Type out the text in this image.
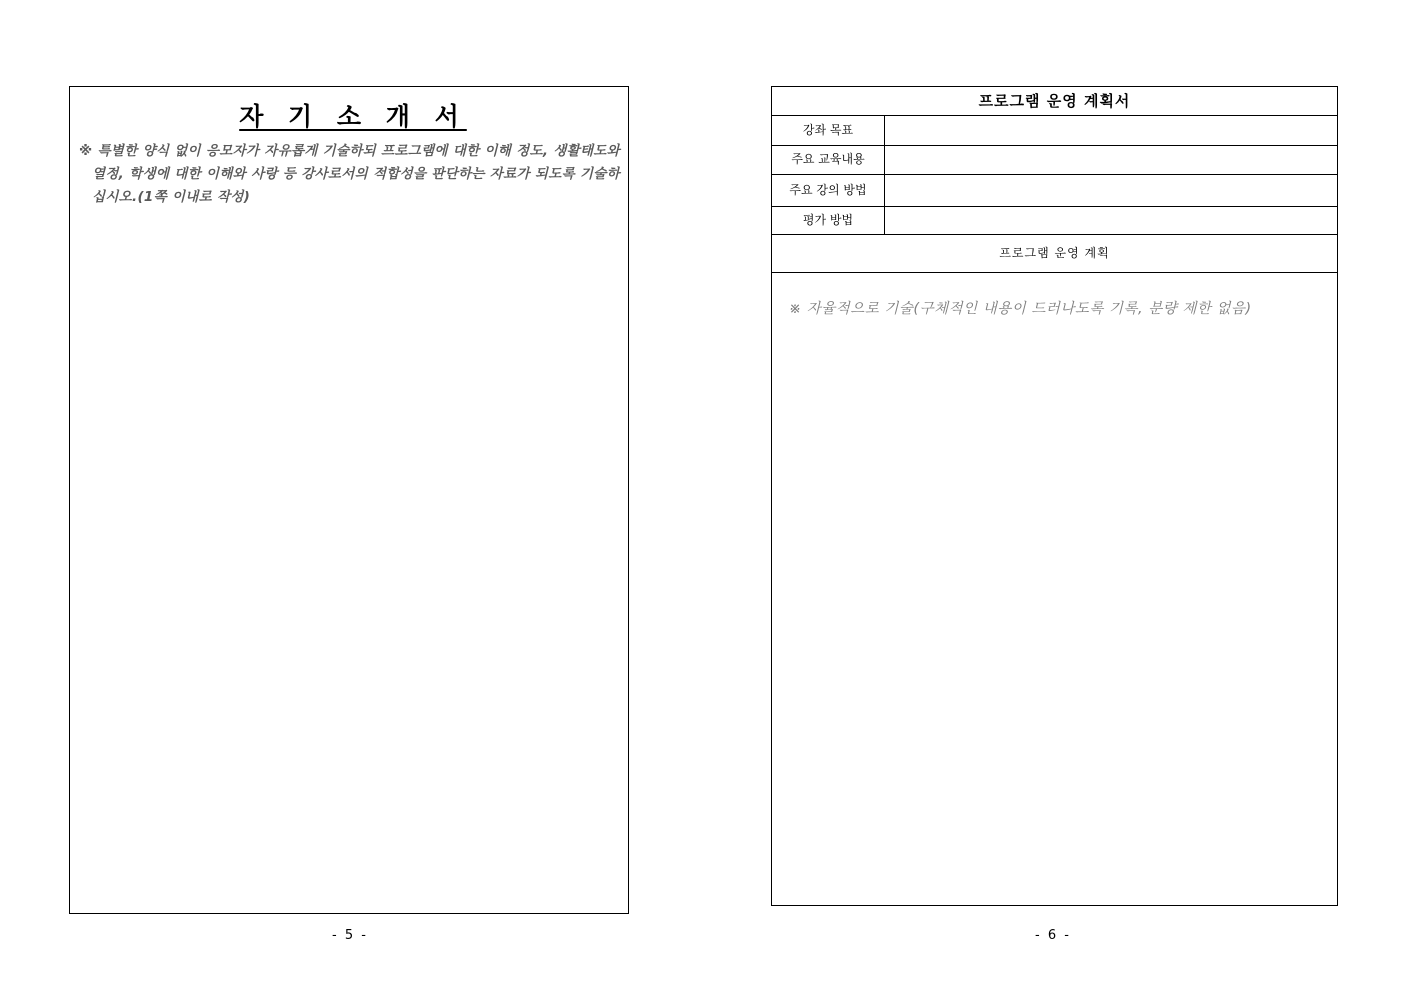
자 기 소 개 서
※ 특별한 양식 없이 응모자가 자유롭게 기술하되 프로그램에 대한 이해 정도, 생활태도와 열정, 학생에 대한 이해와 사랑 등 강사로서의 적합성을 판단하는 자료가 되도록 기술하십시오.(1쪽 이내로 작성)
- 5 -
프로그램 운영 계획서
강좌 목표
주요 교육내용
주요 강의 방법
평가 방법
프로그램 운영 계획
※ 자율적으로 기술(구체적인 내용이 드러나도록 기록, 분량 제한 없음)
- 6 -
